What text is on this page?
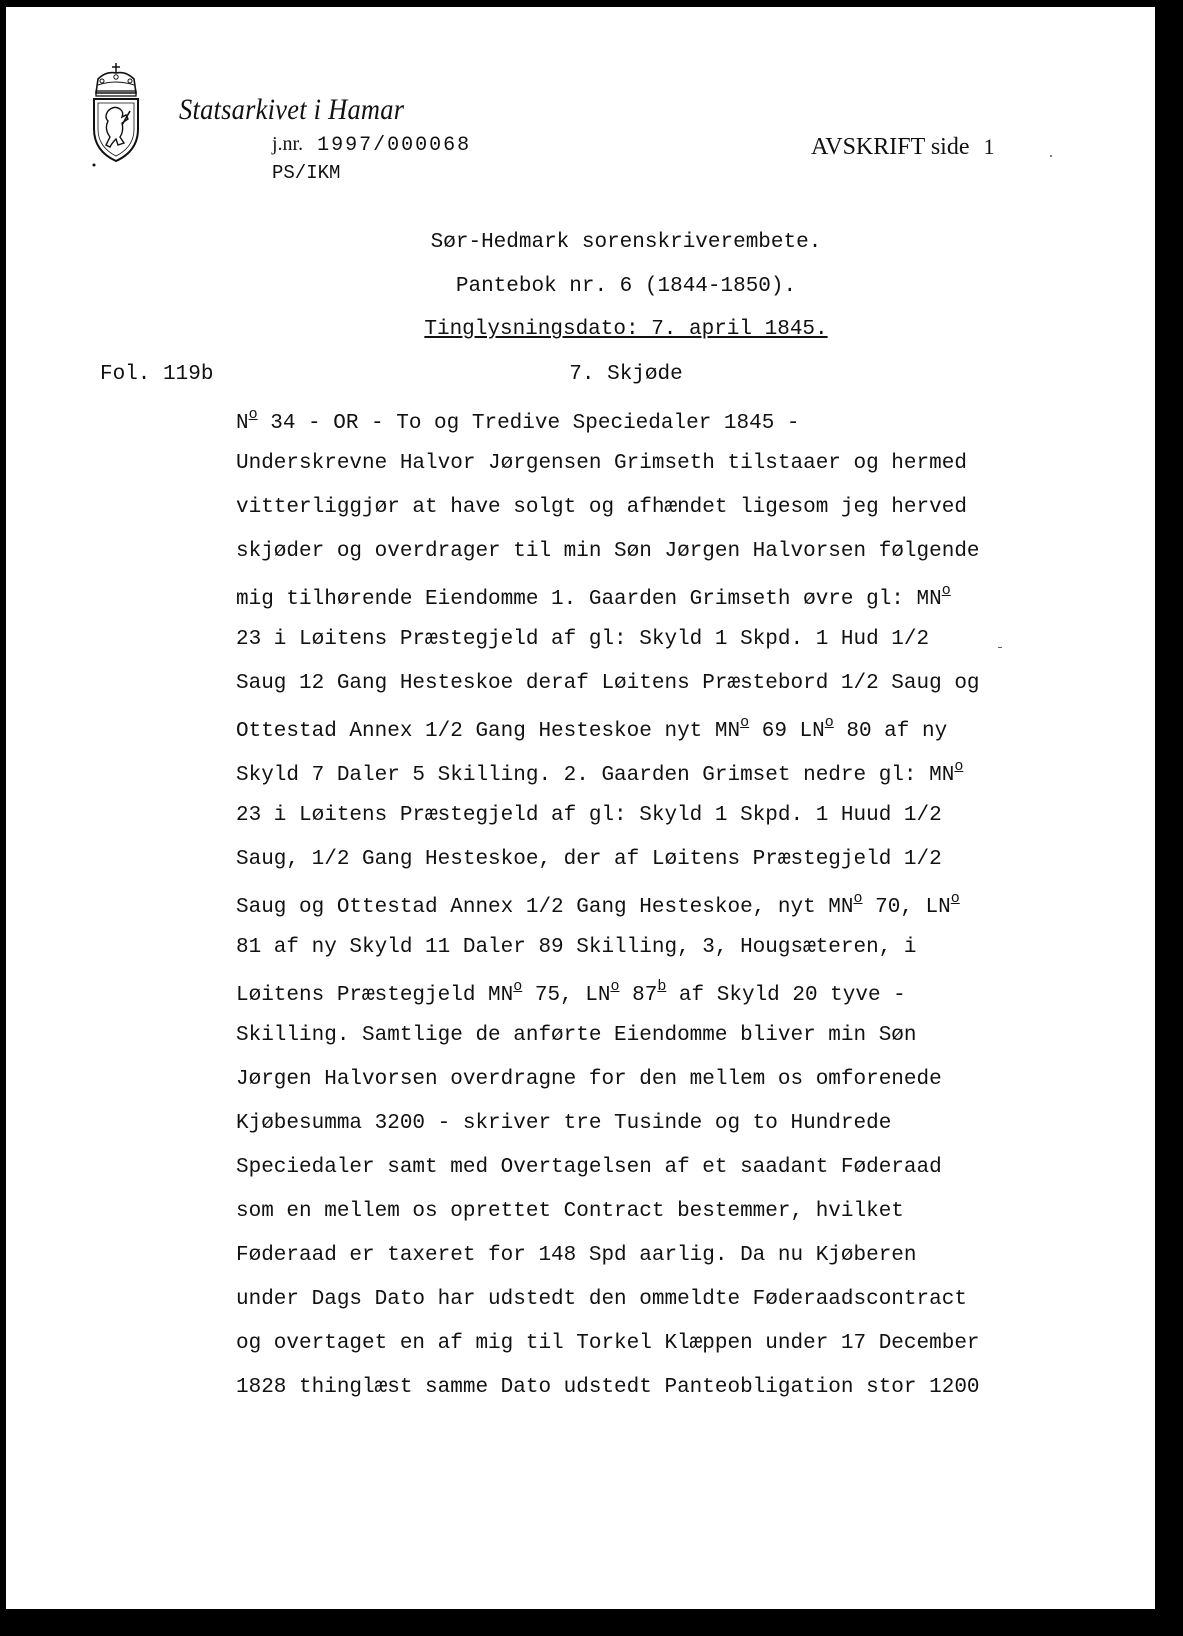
Statsarkivet i Hamar
j.nr. 1997/000068
PS/IKM
AVSKRIFT side 1
Sør-Hedmark sorenskriverembete.
Pantebok nr. 6 (1844-1850).
Tinglysningsdato: 7. april 1845.
Fol. 119b	7. Skjøde
$N^o$ 34 - OR - To og Tredive Speciedaler 1845 -
Underskrevne Halvor Jørgensen Grimseth tilstaaer og hermed
vitterliggjør at have solgt og afhændet ligesom jeg herved
skjøder og overdrager til min Søn Jørgen Halvorsen følgende
mig tilhørende Eiendomme 1. Gaarden Grimseth øvre gl: $MN^o$
23 i Løitens Præstegjeld af gl: Skyld 1 Skpd. 1 Hud 1/2
Saug 12 Gang Hesteskoe deraf Løitens Præstebord 1/2 Saug og
Ottestad Annex 1/2 Gang Hesteskoe nyt $MN^o$ 69 $LN^o$ 80 af ny
Skyld 7 Daler 5 Skilling. 2. Gaarden Grimset nedre gl: $MN^o$
23 i Løitens Præstegjeld af gl: Skyld 1 Skpd. 1 Huud 1/2
Saug, 1/2 Gang Hesteskoe, der af Løitens Præstegjeld 1/2
Saug og Ottestad Annex 1/2 Gang Hesteskoe, nyt $MN^o$ 70, $LN^o$
81 af ny Skyld 11 Daler 89 Skilling, 3, Hougsæteren, i
Løitens Præstegjeld $MN^o$ 75, $LN^o$ 87$^b$ af Skyld 20 tyve -
Skilling. Samtlige de anførte Eiendomme bliver min Søn
Jørgen Halvorsen overdragne for den mellem os omforenede
Kjøbesumma 3200 - skriver tre Tusinde og to Hundrede
Speciedaler samt med Overtagelsen af et saadant Føderaad
som en mellem os oprettet Contract bestemmer, hvilket
Føderaad er taxeret for 148 Spd aarlig. Da nu Kjøberen
under Dags Dato har udstedt den ommeldte Føderaadscontract
og overtaget en af mig til Torkel Klæppen under 17 December
1828 thinglæst samme Dato udstedt Panteobligation stor 1200
